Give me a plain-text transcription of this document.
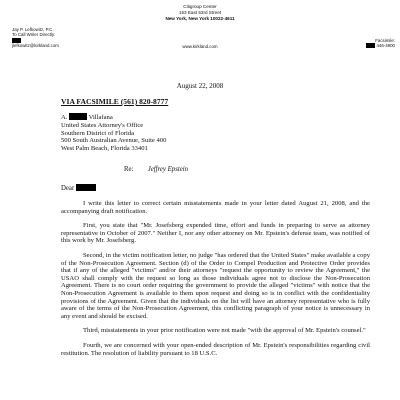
Citigroup Center
153 East 53rd Street
New York, New York 10022-4611
Jay P. Lefkowitz, P.C.
To Call Writer Directly:
jlefkowitz@kirkland.com	www.kirkland.com
Facsimile:
446-4900
August 22, 2008
VIA FACSIMILE (561) 820-8777
A.	Villafana
United States Attorney's Office
Southern District of Florida
500 South Australian Avenue, Suite 400
West Palm Beach, Florida 33401
Re: Jeffrey Epstein
Dear

I write this letter to correct certain misstatements made in your letter dated August 21, 2008, and the accompanying draft notification.

First, you state that "Mr. Josefsberg expended time, effort and funds in preparing to serve as attorney representative in October of 2007." Neither I, nor any other attorney on Mr. Epstein's defense team, was notified of this work by Mr. Josefsberg.

Second, in the victim notification letter, no judge "has ordered that the United States" make available a copy of the Non-Prosecution Agreement. Section (d) of the Order to Compel Production and Protective Order provides that if any of the alleged "victims" and/or their attorneys "request the opportunity to review the Agreement," the USAO shall comply with the request so long as those individuals agree not to disclose the Non-Prosecution Agreement. There is no court order requiring the government to provide the alleged "victims" with notice that the Non-Prosecution Agreement is available to them upon request and doing so is in conflict with the confidentiality provisions of the Agreement. Given that the individuals on the list will have an attorney representative who is fully aware of the terms of the Non-Prosecution Agreement, this conflicting paragraph of your notice is unnecessary in any event and should be excised.

Third, misstatements in your prior notification were not made "with the approval of Mr. Epstein's counsel."

Fourth, we are concerned with your open-ended description of Mr. Epstein's responsibilities regarding civil restitution. The resolution of liability pursuant to 18 U.S.C.
